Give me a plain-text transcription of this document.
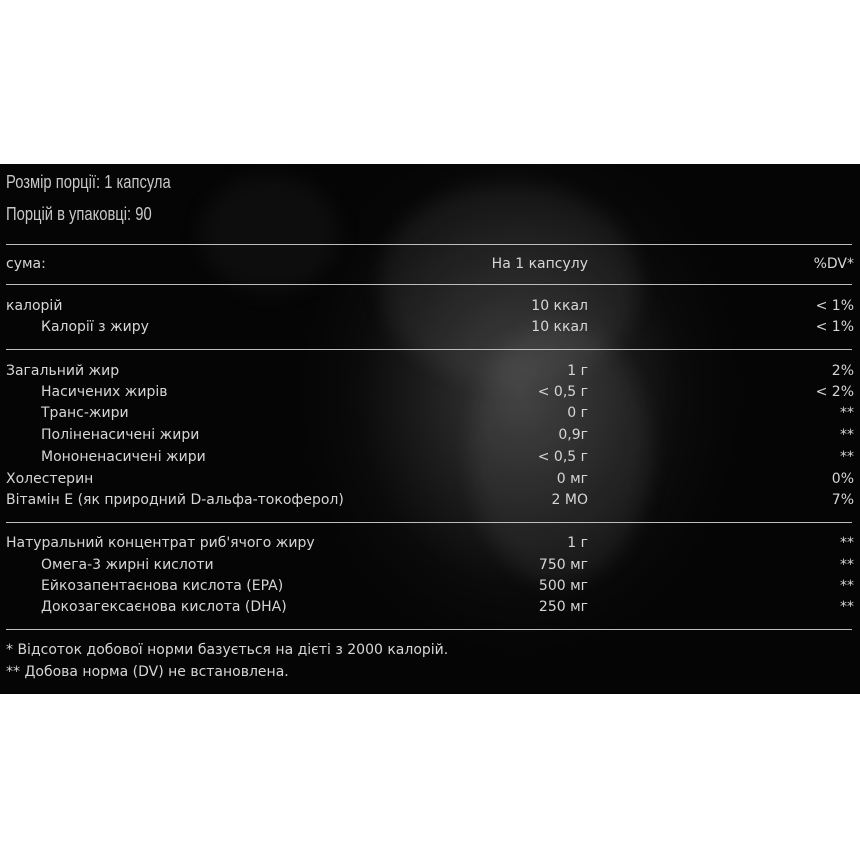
Розмір порції: 1 капсула
Порцій в упаковці: 90
сума:	На 1 капсулу	%DV*
калорій	10 ккал	< 1%
Калорії з жиру	10 ккал	< 1%
Загальний жир	1 г	2%
Насичених жирів	< 0,5 г	< 2%
Транс-жири	0 г	**
Поліненасичені жири	0,9г	**
Мононенасичені жири	< 0,5 г	**
Холестерин	0 мг	0%
Вітамін Е (як природний D-альфа-токоферол)	2 МО	7%
Натуральний концентрат риб'ячого жиру	1 г	**
Омега-3 жирні кислоти	750 мг	**
Ейкозапентаєнова кислота (EPA)	500 мг	**
Докозагексаєнова кислота (DHA)	250 мг	**
* Відсоток добової норми базується на дієті з 2000 калорій.
** Добова норма (DV) не встановлена.
